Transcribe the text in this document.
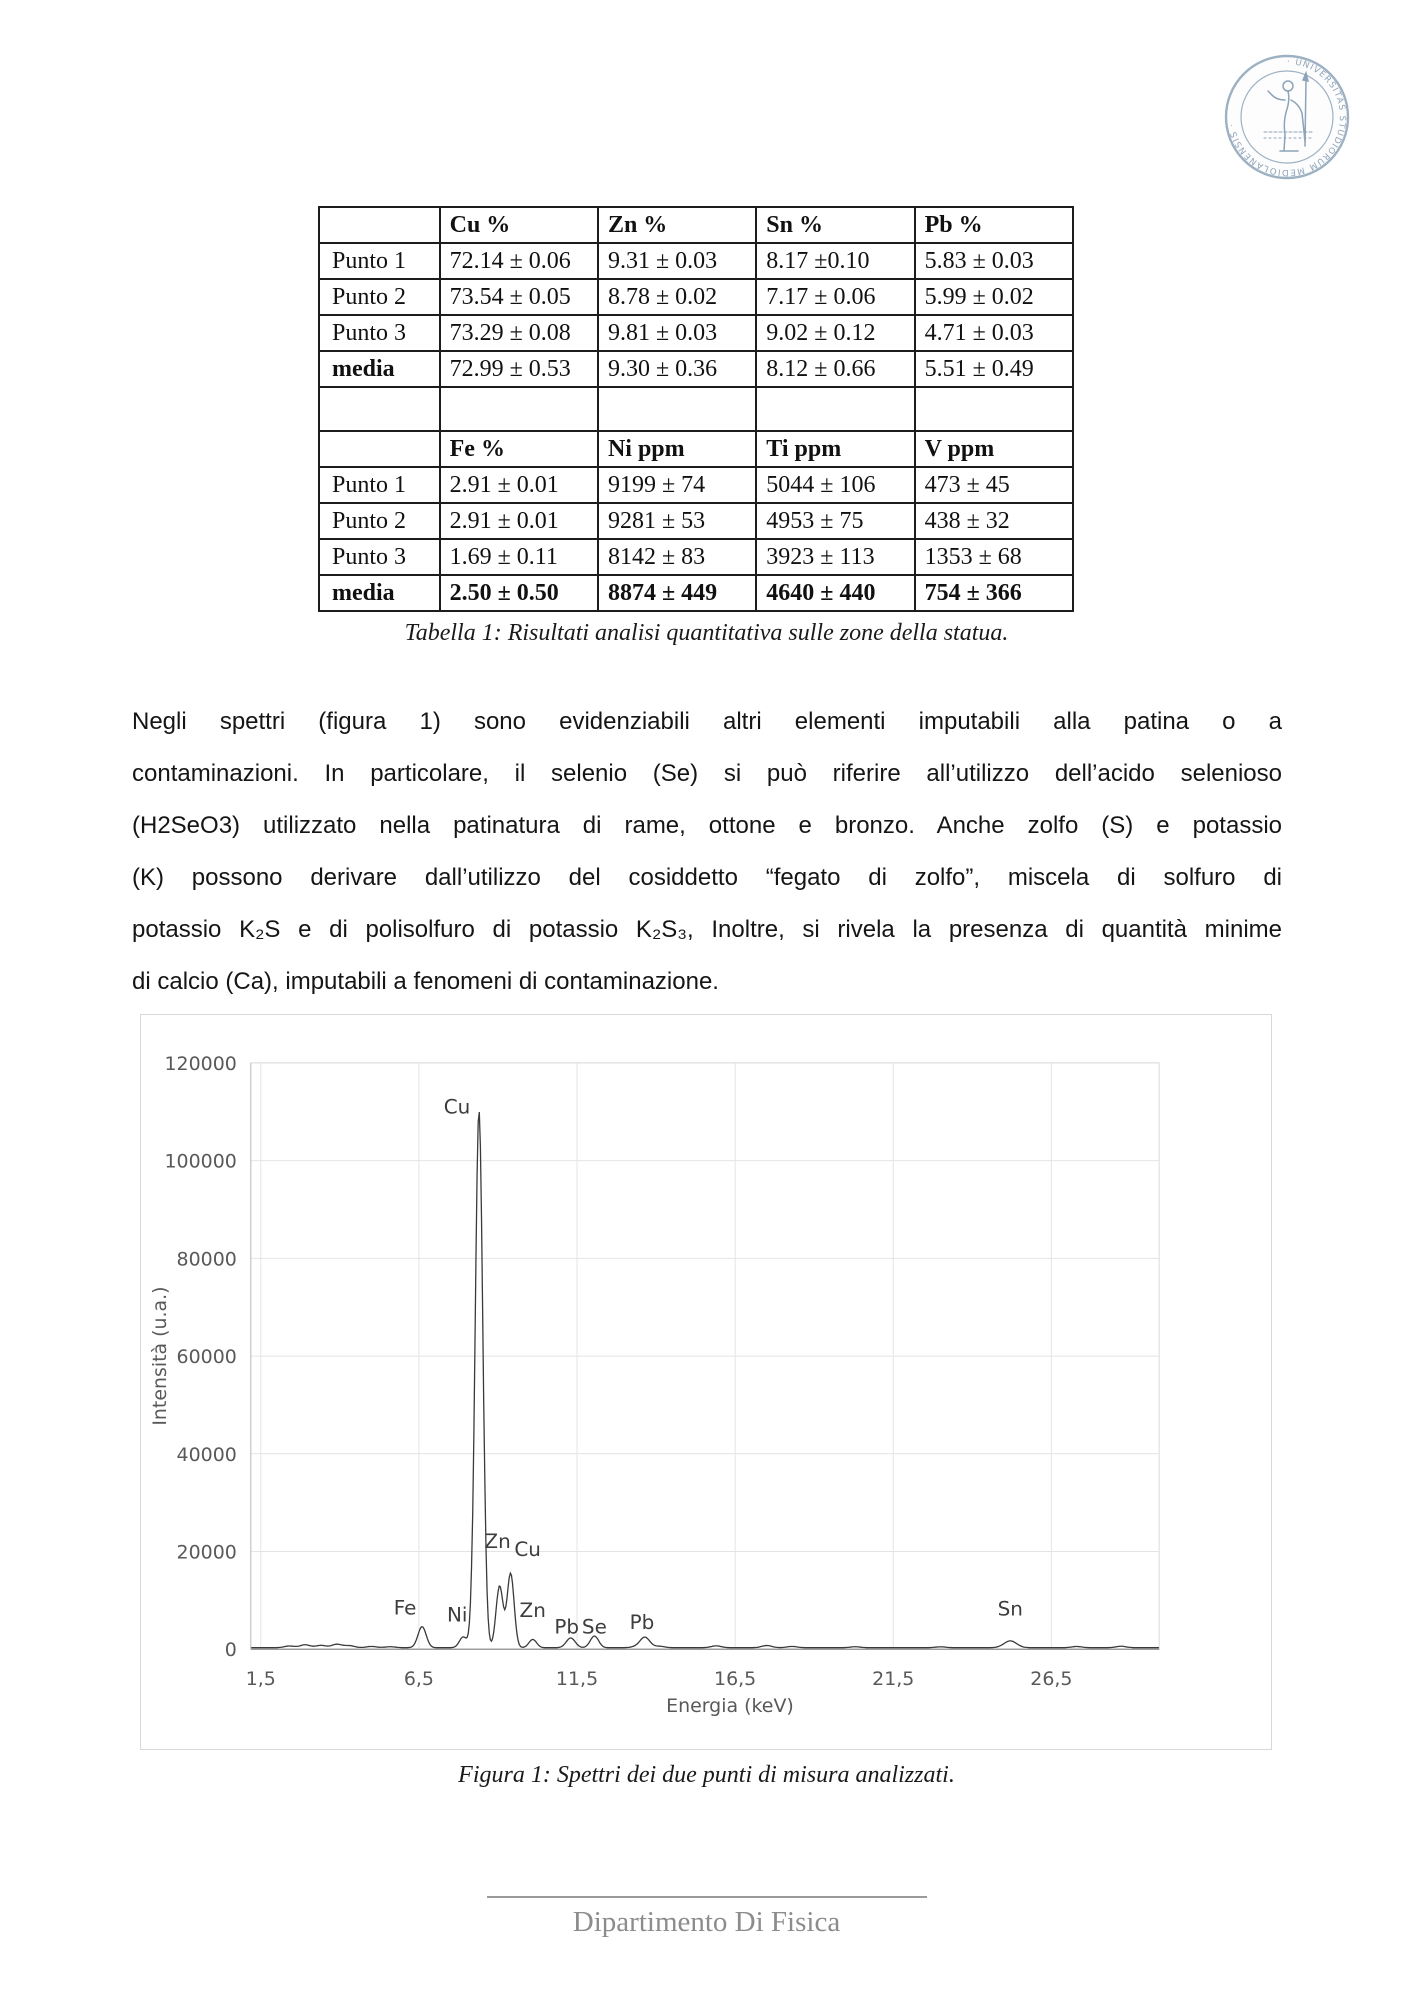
· UNIVERSITAS STUDIORUM MEDIOLANENSIS ·
	Cu %	Zn %	Sn %	Pb %
Punto 1	72.14 ± 0.06	9.31 ± 0.03	8.17 ±0.10	5.83 ± 0.03
Punto 2	73.54 ± 0.05	8.78 ± 0.02	7.17 ± 0.06	5.99 ± 0.02
Punto 3	73.29 ± 0.08	9.81 ± 0.03	9.02 ± 0.12	4.71 ± 0.03
media	72.99 ± 0.53	9.30 ± 0.36	8.12 ± 0.66	5.51 ± 0.49

	Fe %	Ni ppm	Ti ppm	V ppm
Punto 1	2.91 ± 0.01	9199 ± 74	5044 ± 106	473 ± 45
Punto 2	2.91 ± 0.01	9281 ± 53	4953 ± 75	438 ± 32
Punto 3	1.69 ± 0.11	8142 ± 83	3923 ± 113	1353 ± 68
media	2.50 ± 0.50	8874 ± 449	4640 ± 440	754 ± 366
Tabella 1: Risultati analisi quantitativa sulle zone della statua.
Negli spettri (figura 1) sono evidenziabili altri elementi imputabili alla patina o a
contaminazioni. In particolare, il selenio (Se) si può riferire all’utilizzo dell’acido selenioso
(H2SeO3) utilizzato nella patinatura di rame, ottone e bronzo. Anche zolfo (S) e potassio
(K) possono derivare dall’utilizzo del cosiddetto “fegato di zolfo”, miscela di solfuro di
potassio K₂S e di polisolfuro di potassio K₂S₃, Inoltre, si rivela la presenza di quantità minime
di calcio (Ca), imputabili a fenomeni di contaminazione.
0
20000
40000
60000
80000
100000
120000
1,5	6,5	11,5	16,5	21,5	26,5
Energia (keV)
Intensità (u.a.)
Fe Ni
Cu
Zn Cu
Zn
Pb Se Pb
Sn
Figura 1: Spettri dei due punti di misura analizzati.
Dipartimento Di Fisica
